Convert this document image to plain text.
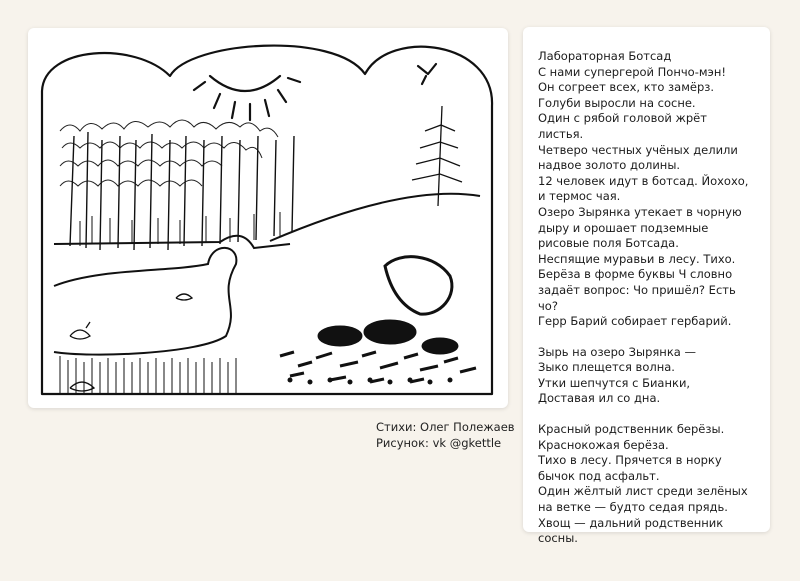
Стихи: Олег Полежаев
Рисунок: vk @gkettle
Лабораторная Ботсад
С нами супергерой Пончо-мэн!
Он согреет всех, кто замёрз.
Голуби выросли на сосне.
Один с рябой головой жрёт
листья.
Четверо честных учёных делили
надвое золото долины.
12 человек идут в ботсад. Йохохо,
и термос чая.
Озеро Зырянка утекает в чорную
дыру и орошает подземные
рисовые поля Ботсада.
Неспящие муравьи в лесу. Тихо.
Берёза в форме буквы Ч словно
задаёт вопрос: Чо пришёл? Есть
чо?
Герр Барий собирает гербарий.
Зырь на озеро Зырянка —
Зыко плещется волна.
Утки шепчутся с Бианки,
Доставая ил со дна.
Красный родственник берёзы.
Краснокожая берёза.
Тихо в лесу. Прячется в норку
бычок под асфальт.
Один жёлтый лист среди зелёных
на ветке — будто седая прядь.
Хвощ — дальний родственник
сосны.
